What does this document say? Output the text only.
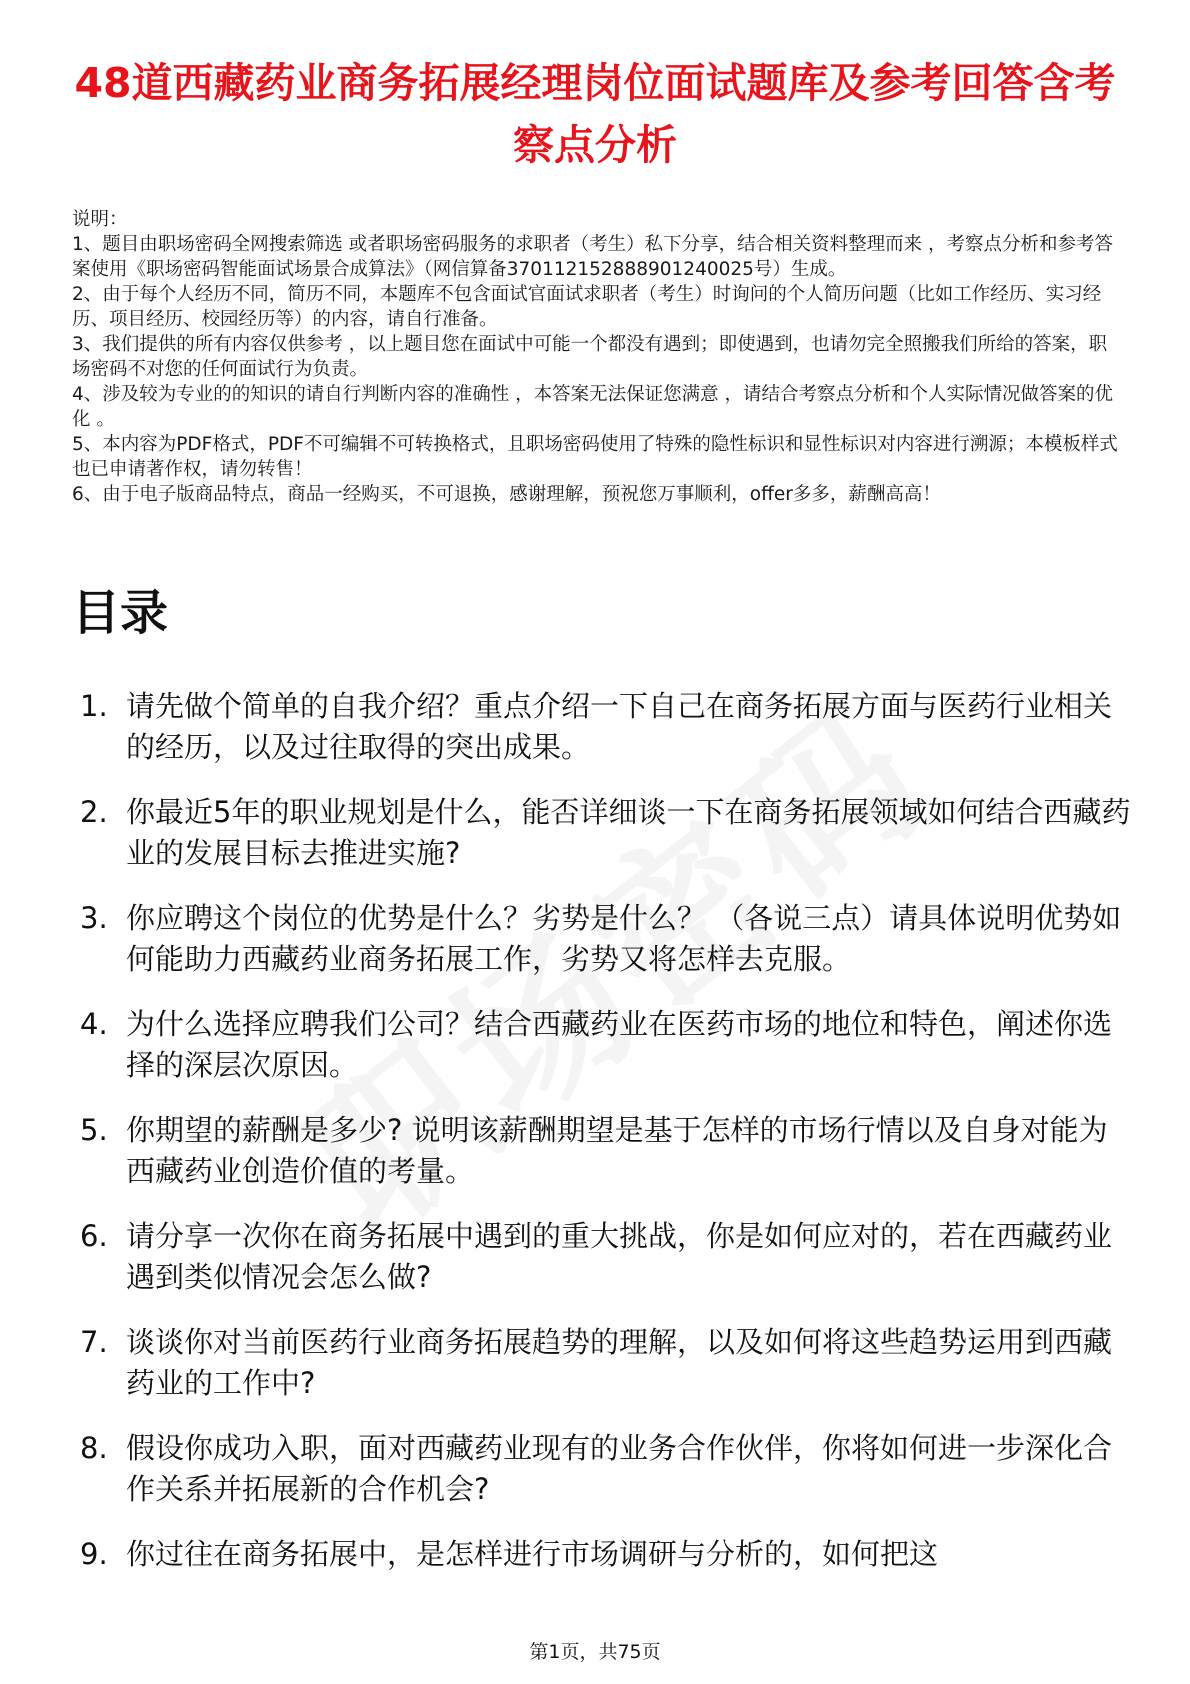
48道西藏药业商务拓展经理岗位面试题库及参考回答含考察点分析

说明：

1、题目由职场密码全网搜索筛选 或者职场密码服务的求职者（考生）私下分享，结合相关资料整理而来 ，考察点分析和参考答案使用《职场密码智能面试场景合成算法》（网信算备370112152888901240025号）生成。

2、由于每个人经历不同，简历不同，本题库不包含面试官面试求职者（考生）时询问的个人简历问题（比如工作经历、实习经历、项目经历、校园经历等）的内容，请自行准备。

3、我们提供的所有内容仅供参考 ，以上题目您在面试中可能一个都没有遇到；即使遇到，也请勿完全照搬我们所给的答案，职场密码不对您的任何面试行为负责。

4、涉及较为专业的的知识的请自行判断内容的准确性 ，本答案无法保证您满意 ，请结合考察点分析和个人实际情况做答案的优化 。

5、本内容为PDF格式，PDF不可编辑不可转换格式，且职场密码使用了特殊的隐性标识和显性标识对内容进行溯源；本模板样式也已申请著作权，请勿转售！

6、由于电子版商品特点，商品一经购买，不可退换，感谢理解，预祝您万事顺利，offer多多，薪酬高高！

目录
1. 请先做个简单的自我介绍？重点介绍一下自己在商务拓展方面与医药行业相关的经历，以及过往取得的突出成果。
2. 你最近5年的职业规划是什么，能否详细谈一下在商务拓展领域如何结合西藏药业的发展目标去推进实施?
3. 你应聘这个岗位的优势是什么？劣势是什么？ （各说三点）请具体说明优势如何能助力西藏药业商务拓展工作，劣势又将怎样去克服。
4. 为什么选择应聘我们公司？结合西藏药业在医药市场的地位和特色，阐述你选择的深层次原因。
5. 你期望的薪酬是多少? 说明该薪酬期望是基于怎样的市场行情以及自身对能为西藏药业创造价值的考量。
6. 请分享一次你在商务拓展中遇到的重大挑战，你是如何应对的，若在西藏药业遇到类似情况会怎么做?
7. 谈谈你对当前医药行业商务拓展趋势的理解，以及如何将这些趋势运用到西藏药业的工作中?
8. 假设你成功入职，面对西藏药业现有的业务合作伙伴，你将如何进一步深化合作关系并拓展新的合作机会?
9. 你过往在商务拓展中，是怎样进行市场调研与分析的，如何把这
第1页，共75页
